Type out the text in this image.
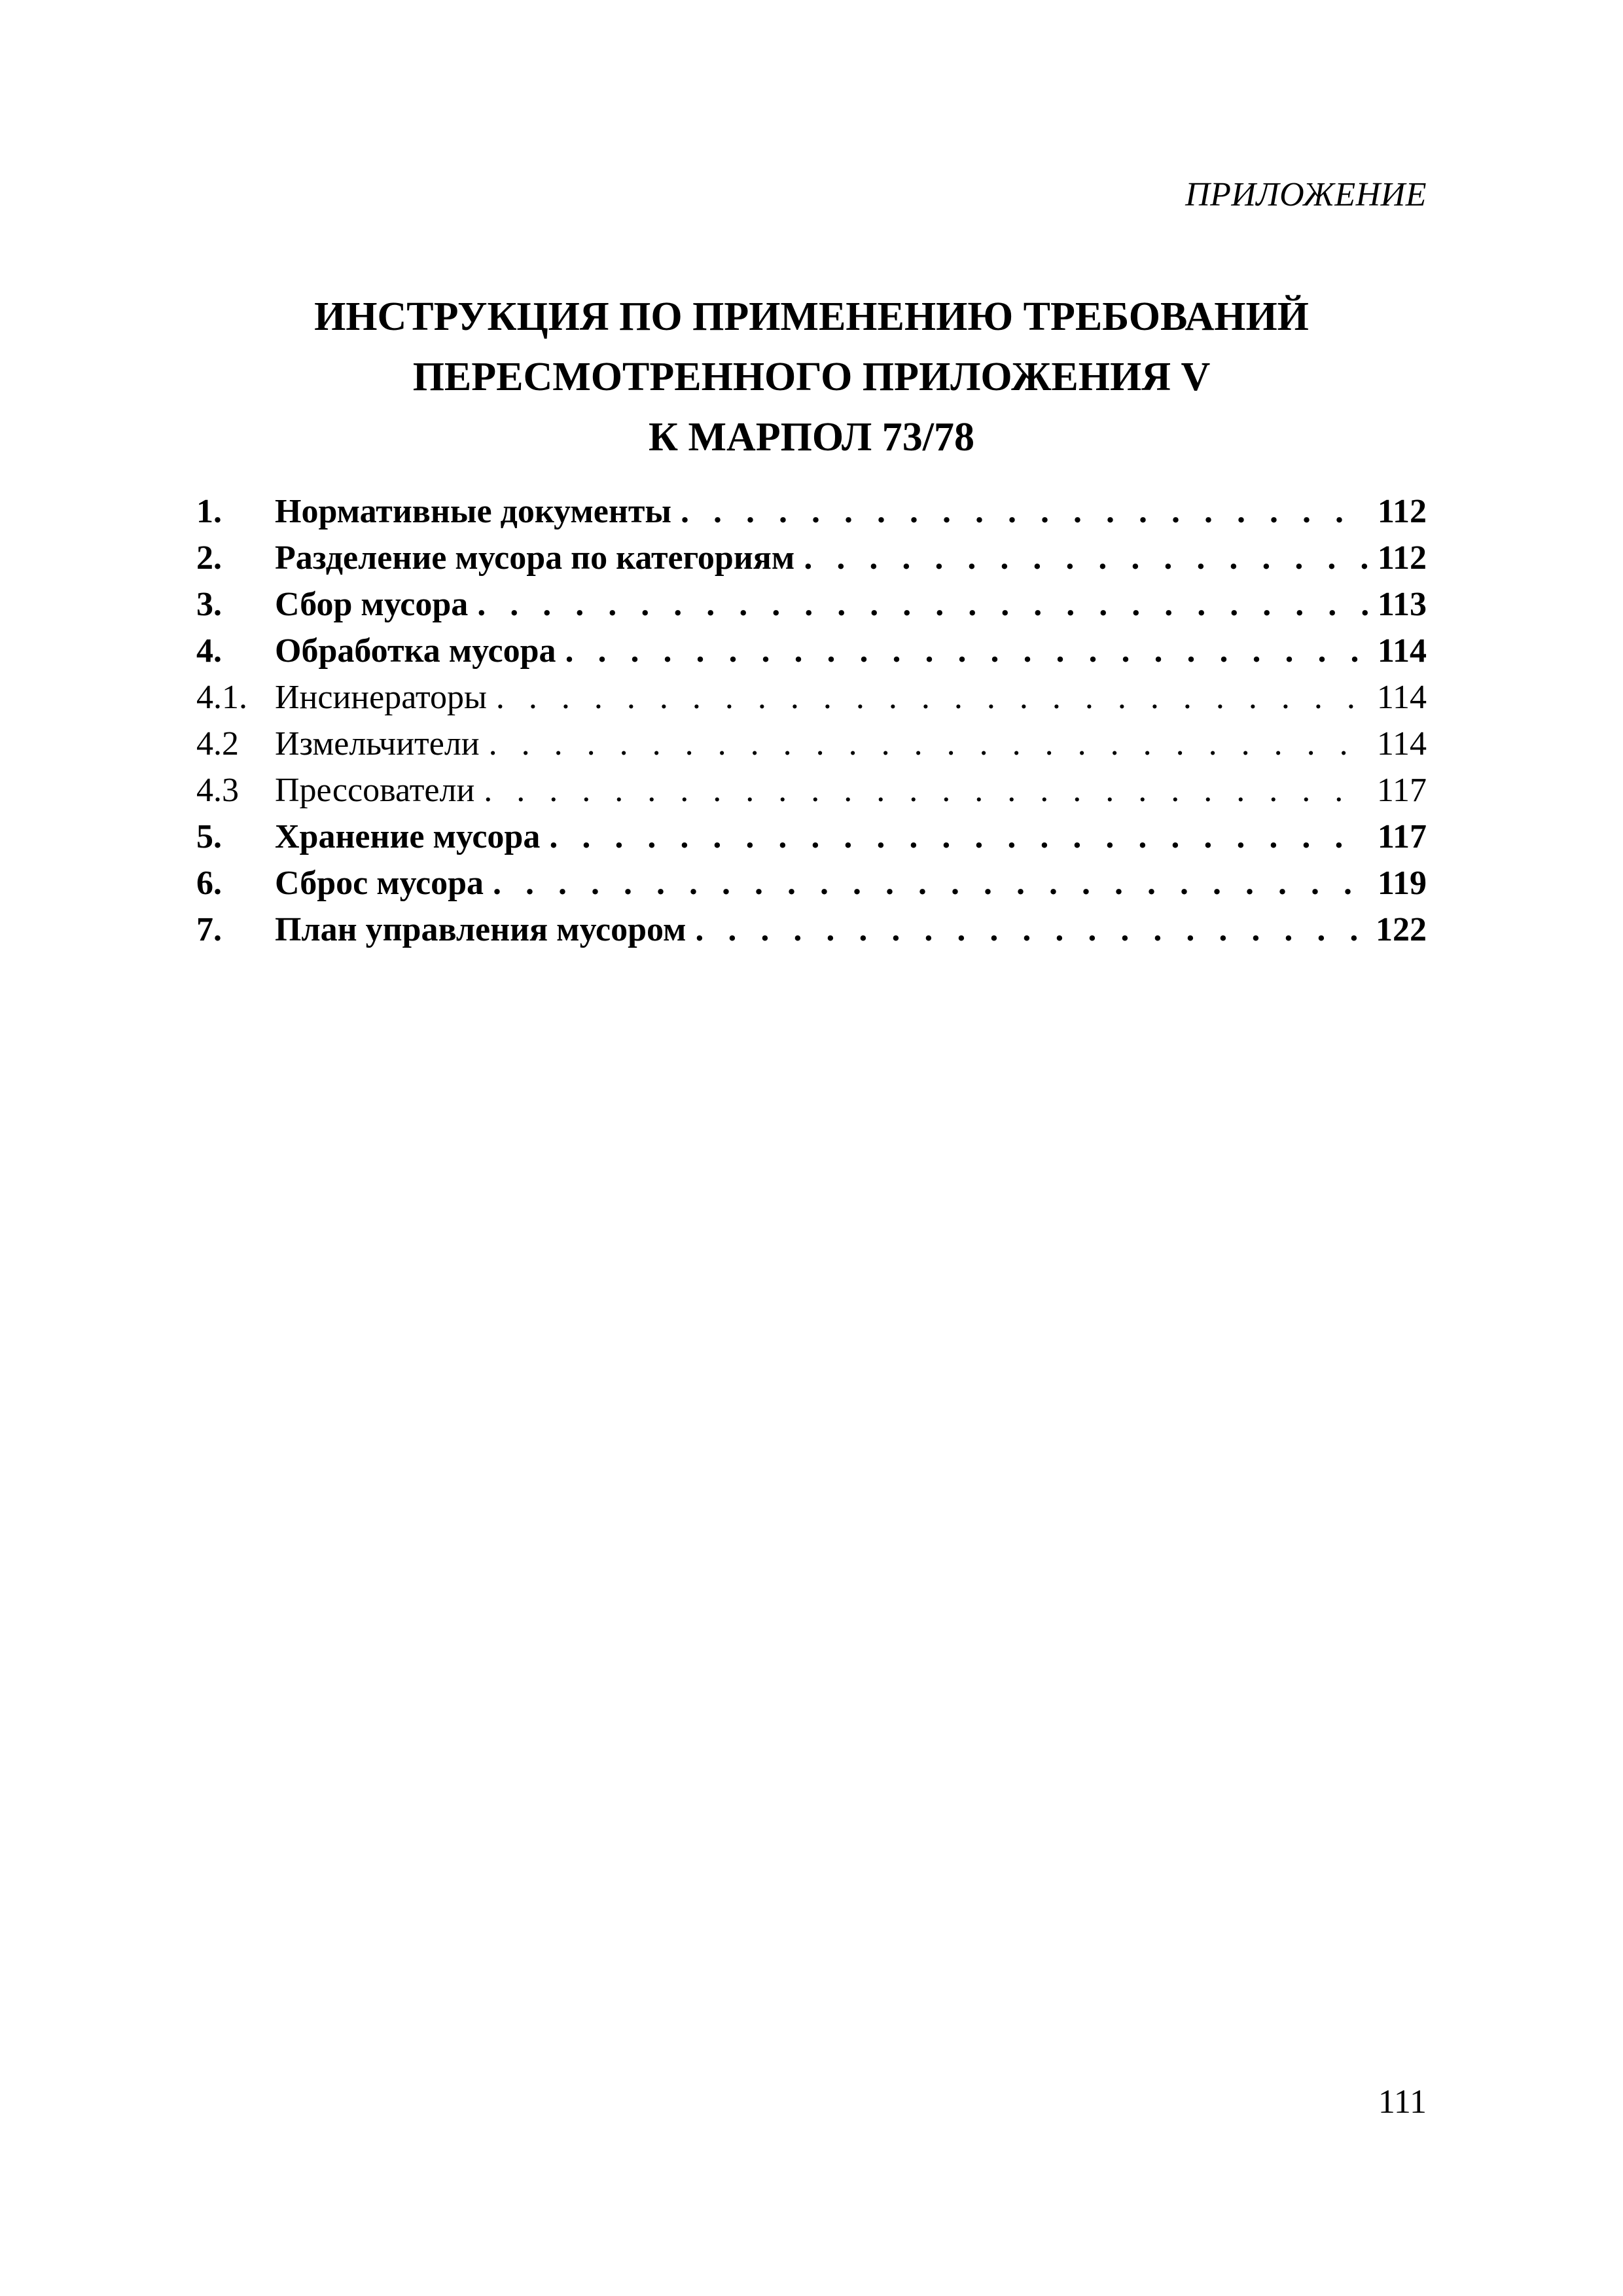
ПРИЛОЖЕНИЕ
ИНСТРУКЦИЯ ПО ПРИМЕНЕНИЮ ТРЕБОВАНИЙ
ПЕРЕСМОТРЕННОГО ПРИЛОЖЕНИЯ V
К МАРПОЛ 73/78
1.	Нормативные документы . . .	112
2.	Разделение мусора по категориям . . .	112
3.	Сбор мусора . . .	113
4.	Обработка мусора . . .	114
4.1. Инсинераторы . . .	114
4.2	Измельчители . . .	114
4.3	Прессователи . . .	117
5.	Хранение мусора . . .	117
6.	Сброс мусора . . .	119
7.	План управления мусором . . .	122
111
